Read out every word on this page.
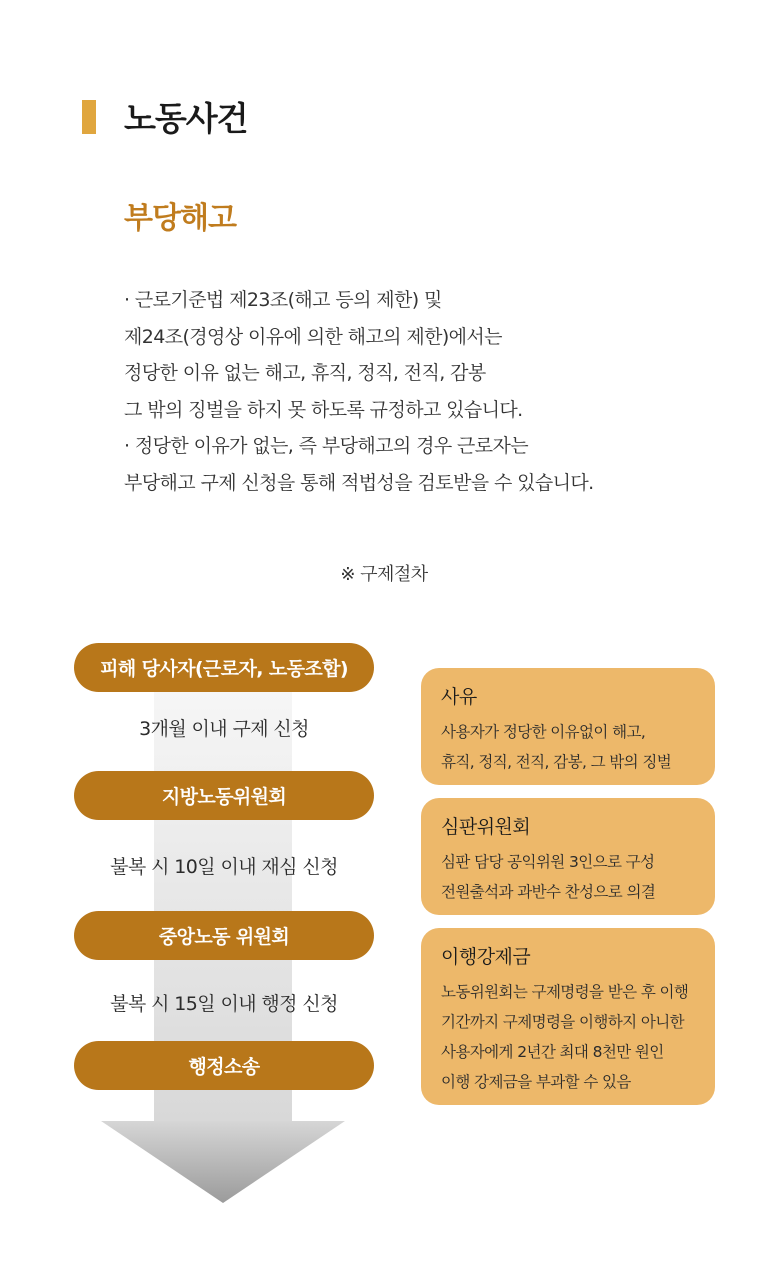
노동사건
부당해고
· 근로기준법 제23조(해고 등의 제한) 및
제24조(경영상 이유에 의한 해고의 제한)에서는
정당한 이유 없는 해고, 휴직, 정직, 전직, 감봉
그 밖의 징벌을 하지 못 하도록 규정하고 있습니다.
· 정당한 이유가 없는, 즉 부당해고의 경우 근로자는
부당해고 구제 신청을 통해 적법성을 검토받을 수 있습니다.
※ 구제절차
피해 당사자(근로자, 노동조합)
3개월 이내 구제 신청
지방노동위원회
불복 시 10일 이내 재심 신청
중앙노동 위원회
불복 시 15일 이내 행정 신청
행정소송
사유
사용자가 정당한 이유없이 해고,
휴직, 정직, 전직, 감봉, 그 밖의 징벌
심판위원회
심판 담당 공익위원 3인으로 구성
전원출석과 과반수 찬성으로 의결
이행강제금
노동위원회는 구제명령을 받은 후 이행
기간까지 구제명령을 이행하지 아니한
사용자에게 2년간 최대 8천만 원인
이행 강제금을 부과할 수 있음
